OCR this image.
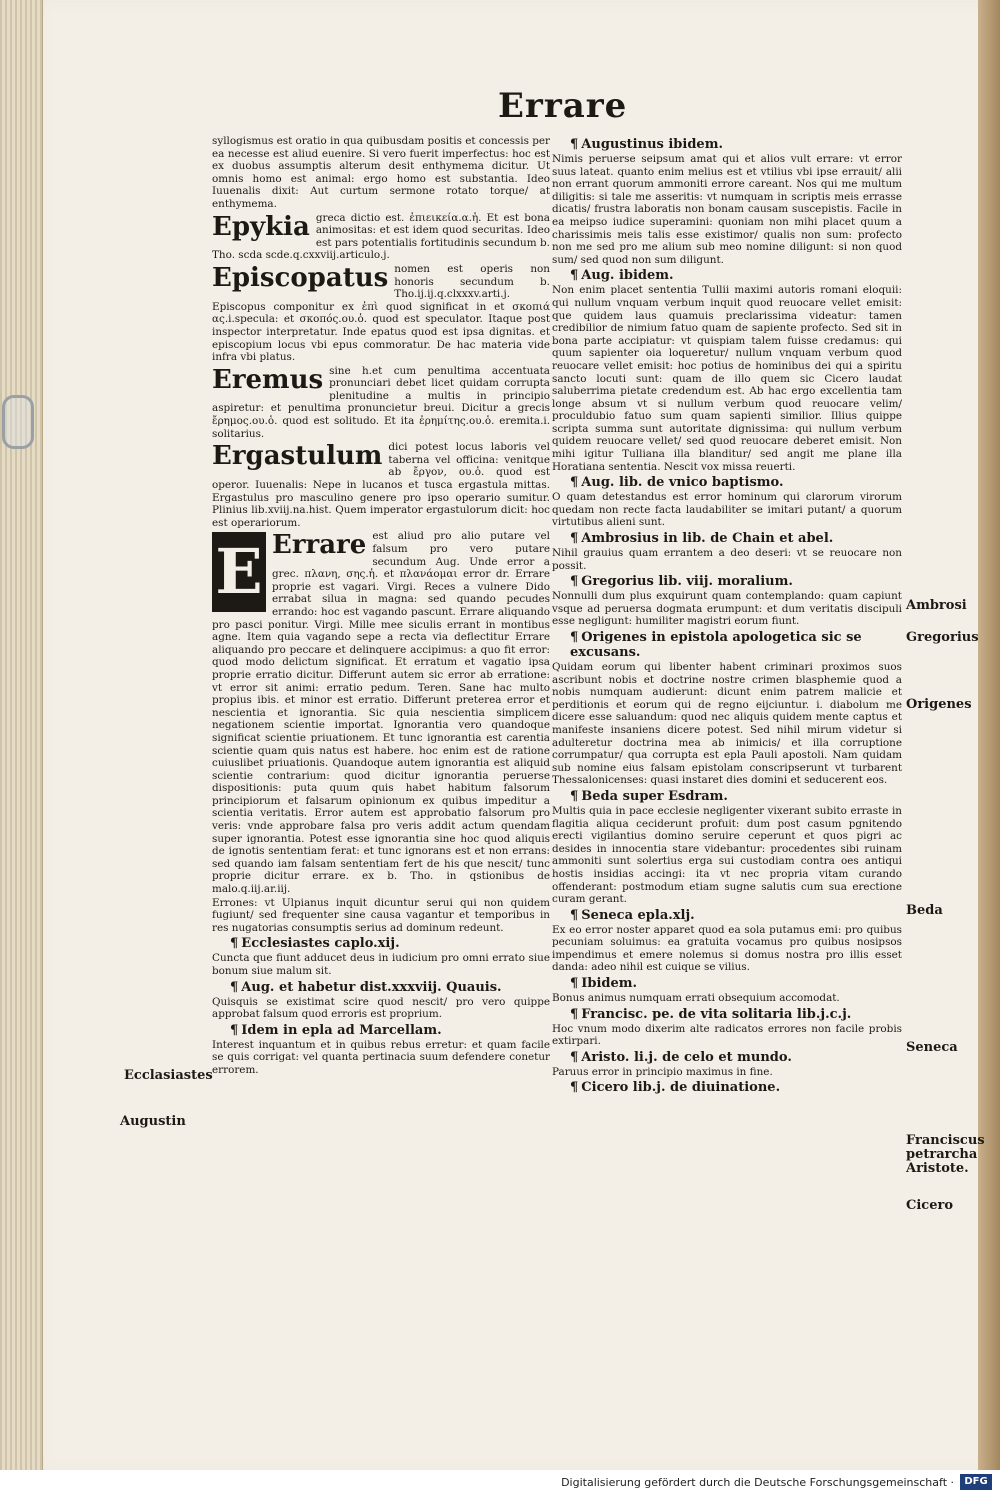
Errare
syllogismus est oratio in qua quibusdam positis et concessis per ea necesse est aliud euenire. Si vero fuerit imperfectus: hoc est ex duobus assumptis alterum desit enthymema dicitur. Ut omnis homo est animal: ergo homo est substantia. Ideo Iuuenalis dixit: Aut curtum sermone rotato torque/ at enthymema.
Epykia greca dictio est. ἐπιεικεία.α.ἡ. Et est bona animositas: et est idem quod securitas. Ideo est pars potentialis fortitudinis secundum b. Tho. scda scde.q.cxxviij.articulo.j.
Episcopatus nomen est operis non honoris secundum b. Tho.ij.ij.q.clxxxv.arti.j. Episcopus componitur ex ἐπὶ quod significat in et σκοπιά ας.i.specula: et σκοπός.ου.ὁ. quod est speculator. Itaque post inspector interpretatur. Inde epatus quod est ipsa dignitas. et episcopium locus vbi epus commoratur. De hac materia vide infra vbi platus.
Eremus sine h.et cum penultima accentuata pronunciari debet licet quidam corrupta plenitudine a multis in principio aspiretur: et penultima pronuncietur breui. Dicitur a grecis ἔρημος.ου.ὁ. quod est solitudo. Et ita ἐρημίτης.ου.ὁ. eremita.i. solitarius.
Ergastulum dici potest locus laboris vel taberna vel officina: venitque ab ἔργον, ου.ὁ. quod est operor. Iuuenalis: Nepe in lucanos et tusca ergastula mittas. Ergastulus pro masculino genere pro ipso operario sumitur. Plinius lib.xviij.na.hist. Quem imperator ergastulorum dicit: hoc est operariorum.
E Errare est aliud pro alio putare vel falsum pro vero putare secundum Aug. Unde error a grec. πλανη, σης.ἡ. et πλανάομαι error dr. Errare proprie est vagari. Virgi. Reces a vulnere Dido errabat silua in magna: sed quando pecudes errando: hoc est vagando pascunt. Errare aliquando pro pasci ponitur. Virgi. Mille mee siculis errant in montibus agne. Item quia vagando sepe a recta via deflectitur Errare aliquando pro peccare et delinquere accipimus: a quo fit error: quod modo delictum significat. Et erratum et vagatio ipsa proprie erratio dicitur. Differunt autem sic error ab erratione: vt error sit animi: erratio pedum. Teren. Sane hac multo propius ibis. et minor est erratio. Differunt preterea error et nescientia et ignorantia. Sic quia nescientia simplicem negationem scientie importat. Ignorantia vero quandoque significat scientie priuationem. Et tunc ignorantia est carentia scientie quam quis natus est habere. hoc enim est de ratione cuiuslibet priuationis. Quandoque autem ignorantia est aliquid scientie contrarium: quod dicitur ignorantia peruerse dispositionis: puta quum quis habet habitum falsorum principiorum et falsarum opinionum ex quibus impeditur a scientia veritatis. Error autem est approbatio falsorum pro veris: vnde approbare falsa pro veris addit actum quendam super ignorantia. Potest esse ignorantia sine hoc quod aliquis de ignotis sententiam ferat: et tunc ignorans est et non errans: sed quando iam falsam sententiam fert de his que nescit/ tunc proprie dicitur errare. ex b. Tho. in qstionibus de malo.q.iij.ar.iij.
Errones: vt Ulpianus inquit dicuntur serui qui non quidem fugiunt/ sed frequenter sine causa vagantur et temporibus in res nugatorias consumptis serius ad dominum redeunt.
¶ Ecclesiastes caplo.xij.
Cuncta que fiunt adducet deus in iudicium pro omni errato siue bonum siue malum sit.
¶ Aug. et habetur dist.xxxviij. Quauis.
Quisquis se existimat scire quod nescit/ pro vero quippe approbat falsum quod erroris est proprium.
¶ Idem in epla ad Marcellam.
Interest inquantum et in quibus rebus erretur: et quam facile se quis corrigat: vel quanta pertinacia suum defendere conetur errorem.
¶ Augustinus ibidem.
Nimis peruerse seipsum amat qui et alios vult errare: vt error suus lateat. quanto enim melius est et vtilius vbi ipse errauit/ alii non errant quorum ammoniti errore careant. Nos qui me multum diligitis: si tale me asseritis: vt numquam in scriptis meis errasse dicatis/ frustra laboratis non bonam causam suscepistis. Facile in ea meipso iudice superamini: quoniam non mihi placet quum a charissimis meis talis esse existimor/ qualis non sum: profecto non me sed pro me alium sub meo nomine diligunt: si non quod sum/ sed quod non sum diligunt.
¶ Aug. ibidem.
Non enim placet sententia Tullii maximi autoris romani eloquii: qui nullum vnquam verbum inquit quod reuocare vellet emisit: que quidem laus quamuis preclarissima videatur: tamen credibilior de nimium fatuo quam de sapiente profecto. Sed sit in bona parte accipiatur: vt quispiam talem fuisse credamus: qui quum sapienter oia loqueretur/ nullum vnquam verbum quod reuocare vellet emisit: hoc potius de hominibus dei qui a spiritu sancto locuti sunt: quam de illo quem sic Cicero laudat saluberrima pietate credendum est. Ab hac ergo excellentia tam longe absum vt si nullum verbum quod reuocare velim/ proculdubio fatuo sum quam sapienti similior. Illius quippe scripta summa sunt autoritate dignissima: qui nullum verbum quidem reuocare vellet/ sed quod reuocare deberet emisit. Non mihi igitur Tulliana illa blanditur/ sed angit me plane illa Horatiana sententia. Nescit vox missa reuerti.
¶ Aug. lib. de vnico baptismo.
O quam detestandus est error hominum qui clarorum virorum quedam non recte facta laudabiliter se imitari putant/ a quorum virtutibus alieni sunt.
¶ Ambrosius in lib. de Chain et abel.
Nihil grauius quam errantem a deo deseri: vt se reuocare non possit.
¶ Gregorius lib. viij. moralium.
Nonnulli dum plus exquirunt quam contemplando: quam capiunt vsque ad peruersa dogmata erumpunt: et dum veritatis discipuli esse negligunt: humiliter magistri eorum fiunt.
¶ Origenes in epistola apologetica sic se excusans.
Quidam eorum qui libenter habent criminari proximos suos ascribunt nobis et doctrine nostre crimen blasphemie quod a nobis numquam audierunt: dicunt enim patrem malicie et perditionis et eorum qui de regno eijciuntur. i. diabolum me dicere esse saluandum: quod nec aliquis quidem mente captus et manifeste insaniens dicere potest. Sed nihil mirum videtur si adulteretur doctrina mea ab inimicis/ et illa corruptione corrumpatur/ qua corrupta est epla Pauli apostoli. Nam quidam sub nomine eius falsam epistolam conscripserunt vt turbarent Thessalonicenses: quasi instaret dies domini et seducerent eos.
¶ Beda super Esdram.
Multis quia in pace ecclesie negligenter vixerant subito erraste in flagitia aliqua ceciderunt profuit: dum post casum pgnitendo erecti vigilantius domino seruire ceperunt et quos pigri ac desides in innocentia stare videbantur: procedentes sibi ruinam ammoniti sunt solertius erga sui custodiam contra oes antiqui hostis insidias accingi: ita vt nec propria vitam curando offenderant: postmodum etiam sugne salutis cum sua erectione curam gerant.
¶ Seneca epla.xlj.
Ex eo error noster apparet quod ea sola putamus emi: pro quibus pecuniam soluimus: ea gratuita vocamus pro quibus nosipsos impendimus et emere nolemus si domus nostra pro illis esset danda: adeo nihil est cuique se vilius.
¶ Ibidem.
Bonus animus numquam errati obsequium accomodat.
¶ Francisc. pe. de vita solitaria lib.j.c.j.
Hoc vnum modo dixerim alte radicatos errores non facile probis extirpari.
¶ Aristo. li.j. de celo et mundo.
Paruus error in principio maximus in fine.
¶ Cicero lib.j. de diuinatione.
Ambrosi
Gregorius
Origenes
Beda
Seneca
Franciscus petrarcha Aristote.
Cicero
Ecclasiastes
Augustin
Digitalisierung gefördert durch die Deutsche Forschungsgemeinschaft ·	DFG
